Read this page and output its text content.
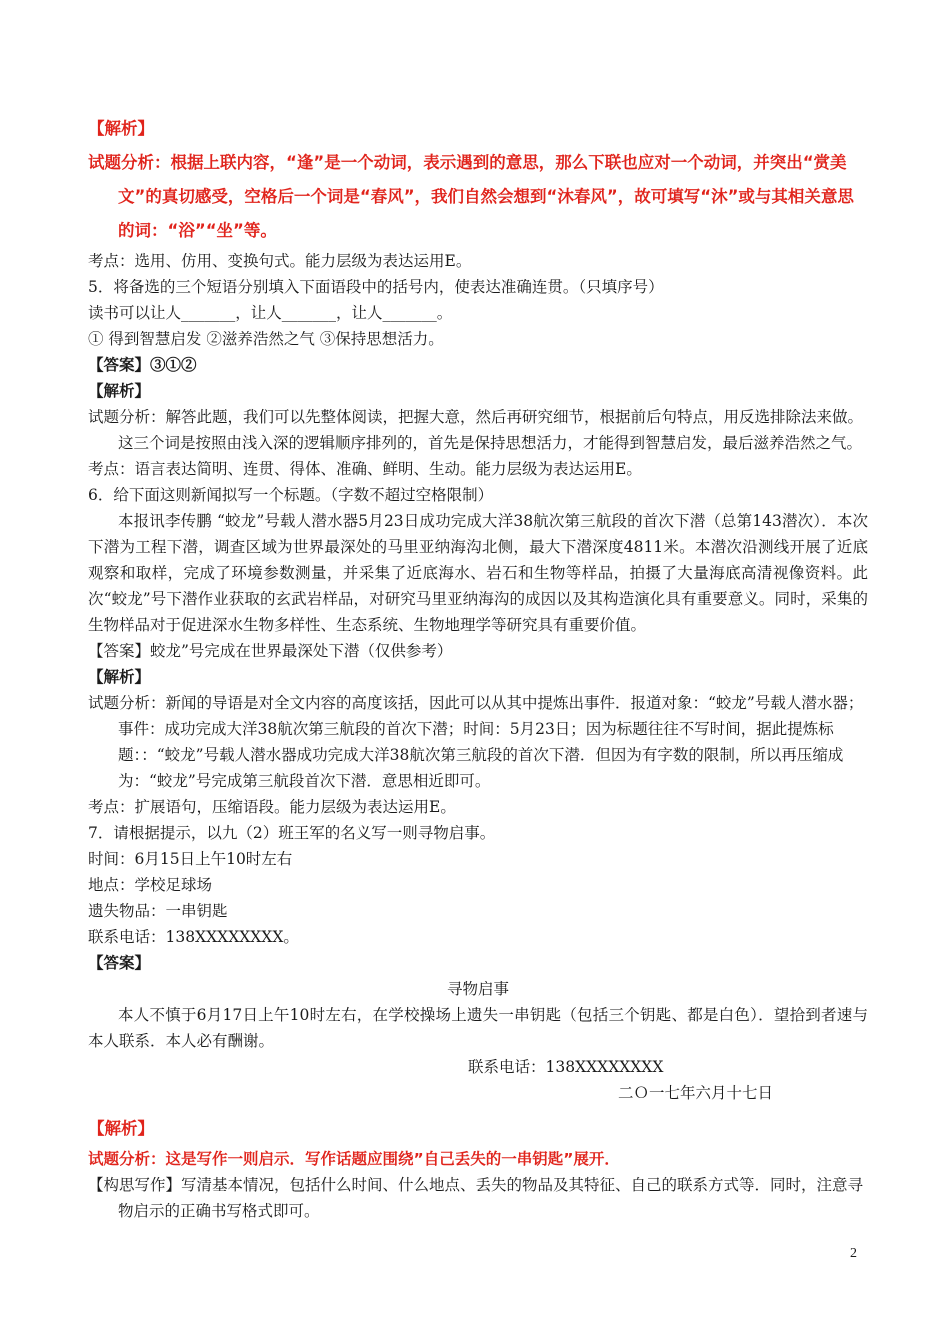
【解析】
试题分析：根据上联内容，“逢”是一个动词，表示遇到的意思，那么下联也应对一个动词，并突出“赏美文”的真切感受，空格后一个词是“春风”，我们自然会想到“沐春风”，故可填写“沐”或与其相关意思的词：“浴”“坐”等。
考点：选用、仿用、变换句式。能力层级为表达运用E。
5．将备选的三个短语分别填入下面语段中的括号内，使表达准确连贯。（只填序号）
读书可以让人_______，让人_______，让人_______。
① 得到智慧启发 ②滋养浩然之气 ③保持思想活力。
【答案】③①②
【解析】
试题分析：解答此题，我们可以先整体阅读，把握大意，然后再研究细节，根据前后句特点，用反选排除法来做。这三个词是按照由浅入深的逻辑顺序排列的，首先是保持思想活力，才能得到智慧启发，最后滋养浩然之气。
考点：语言表达简明、连贯、得体、准确、鲜明、生动。能力层级为表达运用E。
6．给下面这则新闻拟写一个标题。（字数不超过空格限制）
本报讯李传鹏 “蛟龙”号载人潜水器5月23日成功完成大洋38航次第三航段的首次下潜（总第143潜次）．本次下潜为工程下潜，调查区域为世界最深处的马里亚纳海沟北侧，最大下潜深度4811米。本潜次沿测线开展了近底观察和取样，完成了环境参数测量，并采集了近底海水、岩石和生物等样品，拍摄了大量海底高清视像资料。此次“蛟龙”号下潜作业获取的玄武岩样品，对研究马里亚纳海沟的成因以及其构造演化具有重要意义。同时，采集的生物样品对于促进深水生物多样性、生态系统、生物地理学等研究具有重要价值。
【答案】蛟龙”号完成在世界最深处下潜（仅供参考）
【解析】
试题分析：新闻的导语是对全文内容的高度该括，因此可以从其中提炼出事件．报道对象：“蛟龙”号载人潜水器；事件：成功完成大洋38航次第三航段的首次下潜；时间：5月23日；因为标题往往不写时间，据此提炼标题：：“蛟龙”号载人潜水器成功完成大洋38航次第三航段的首次下潜．但因为有字数的限制，所以再压缩成为：“蛟龙”号完成第三航段首次下潜．意思相近即可。
考点：扩展语句，压缩语段。能力层级为表达运用E。
7．请根据提示，以九（2）班王军的名义写一则寻物启事。
时间：6月15日上午10时左右
地点：学校足球场
遗失物品：一串钥匙
联系电话：138XXXXXXXX。
【答案】
寻物启事
本人不慎于6月17日上午10时左右，在学校操场上遗失一串钥匙（包括三个钥匙、都是白色）．望拾到者速与本人联系．本人必有酬谢。
联系电话：138XXXXXXXX
二Ｏ一七年六月十七日
【解析】
试题分析：这是写作一则启示．写作话题应围绕”自己丢失的一串钥匙”展开．
【构思写作】写清基本情况，包括什么时间、什么地点、丢失的物品及其特征、自己的联系方式等．同时，注意寻物启示的正确书写格式即可。
2
